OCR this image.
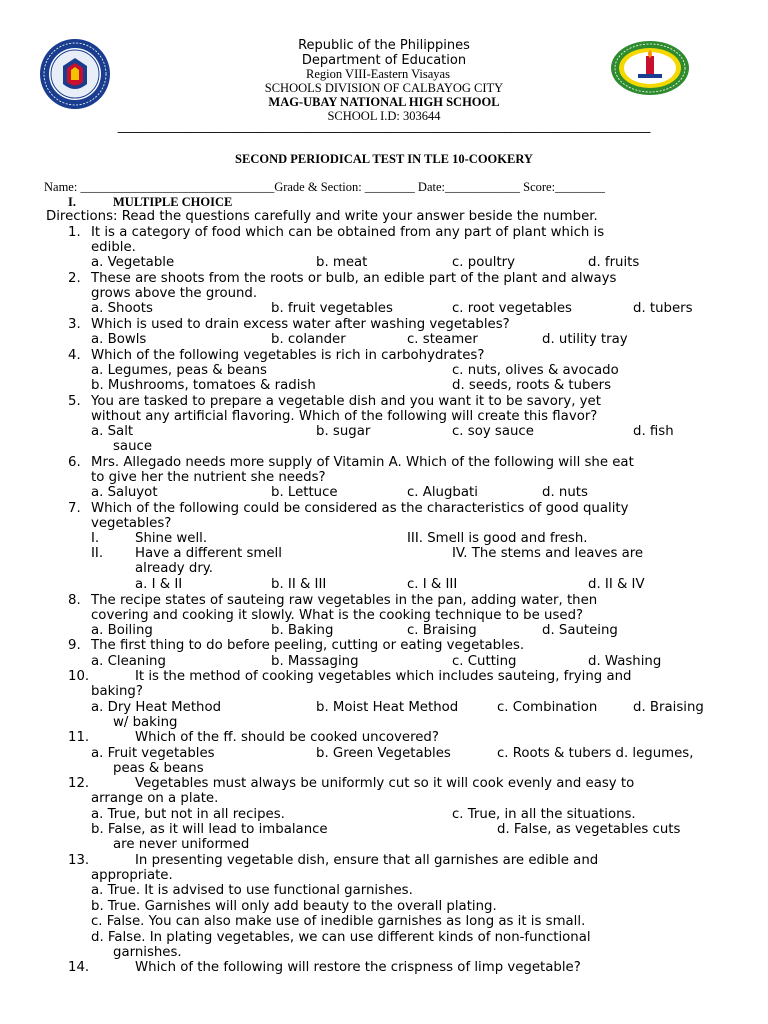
Republic of the Philippines
Department of Education
Region VIII-Eastern Visayas
SCHOOLS DIVISION OF CALBAYOG CITY
MAG-UBAY NATIONAL HIGH SCHOOL
SCHOOL I.D: 303644
________________________________________________________________________________________
SECOND PERIODICAL TEST IN TLE 10-COOKERY
Name: _______________________________Grade & Section: ________ Date:____________ Score:________
I.	MULTIPLE CHOICE
Directions: Read the questions carefully and write your answer beside the number.
1. It is a category of food which can be obtained from any part of plant which is
edible.
a. Vegetable	b. meat	c. poultry	d. fruits
2. These are shoots from the roots or bulb, an edible part of the plant and always
grows above the ground.
a. Shoots	b. fruit vegetables	c. root vegetables	d. tubers
3. Which is used to drain excess water after washing vegetables?
a. Bowls	b. colander	c. steamer	d. utility tray
4. Which of the following vegetables is rich in carbohydrates?
a. Legumes, peas & beans	c. nuts, olives & avocado
b. Mushrooms, tomatoes & radish	d. seeds, roots & tubers
5. You are tasked to prepare a vegetable dish and you want it to be savory, yet
without any artificial flavoring. Which of the following will create this flavor?
a. Salt	b. sugar	c. soy sauce	d. fish
sauce
6. Mrs. Allegado needs more supply of Vitamin A. Which of the following will she eat
to give her the nutrient she needs?
a. Saluyot	b. Lettuce	c. Alugbati	d. nuts
7. Which of the following could be considered as the characteristics of good quality
vegetables?
I.	Shine well.	III. Smell is good and fresh.
II. Have a different smell	IV. The stems and leaves are
already dry.
a. I & II	b. II & III	c. I & III	d. II & IV
8. The recipe states of sauteing raw vegetables in the pan, adding water, then
covering and cooking it slowly. What is the cooking technique to be used?
a. Boiling	b. Baking	c. Braising	d. Sauteing
9. The first thing to do before peeling, cutting or eating vegetables.
a. Cleaning	b. Massaging	c. Cutting	d. Washing
10.	It is the method of cooking vegetables which includes sauteing, frying and
baking?
a. Dry Heat Method	b. Moist Heat Method	c. Combination	d. Braising
w/ baking
11.	Which of the ff. should be cooked uncovered?
a. Fruit vegetables	b. Green Vegetables	c. Roots & tubers d. legumes,
peas & beans
12.	Vegetables must always be uniformly cut so it will cook evenly and easy to
arrange on a plate.
a. True, but not in all recipes.	c. True, in all the situations.
b. False, as it will lead to imbalance	d. False, as vegetables cuts
are never uniformed
13.	In presenting vegetable dish, ensure that all garnishes are edible and
appropriate.
a. True. It is advised to use functional garnishes.
b. True. Garnishes will only add beauty to the overall plating.
c. False. You can also make use of inedible garnishes as long as it is small.
d. False. In plating vegetables, we can use different kinds of non-functional
garnishes.
14.	Which of the following will restore the crispness of limp vegetable?
